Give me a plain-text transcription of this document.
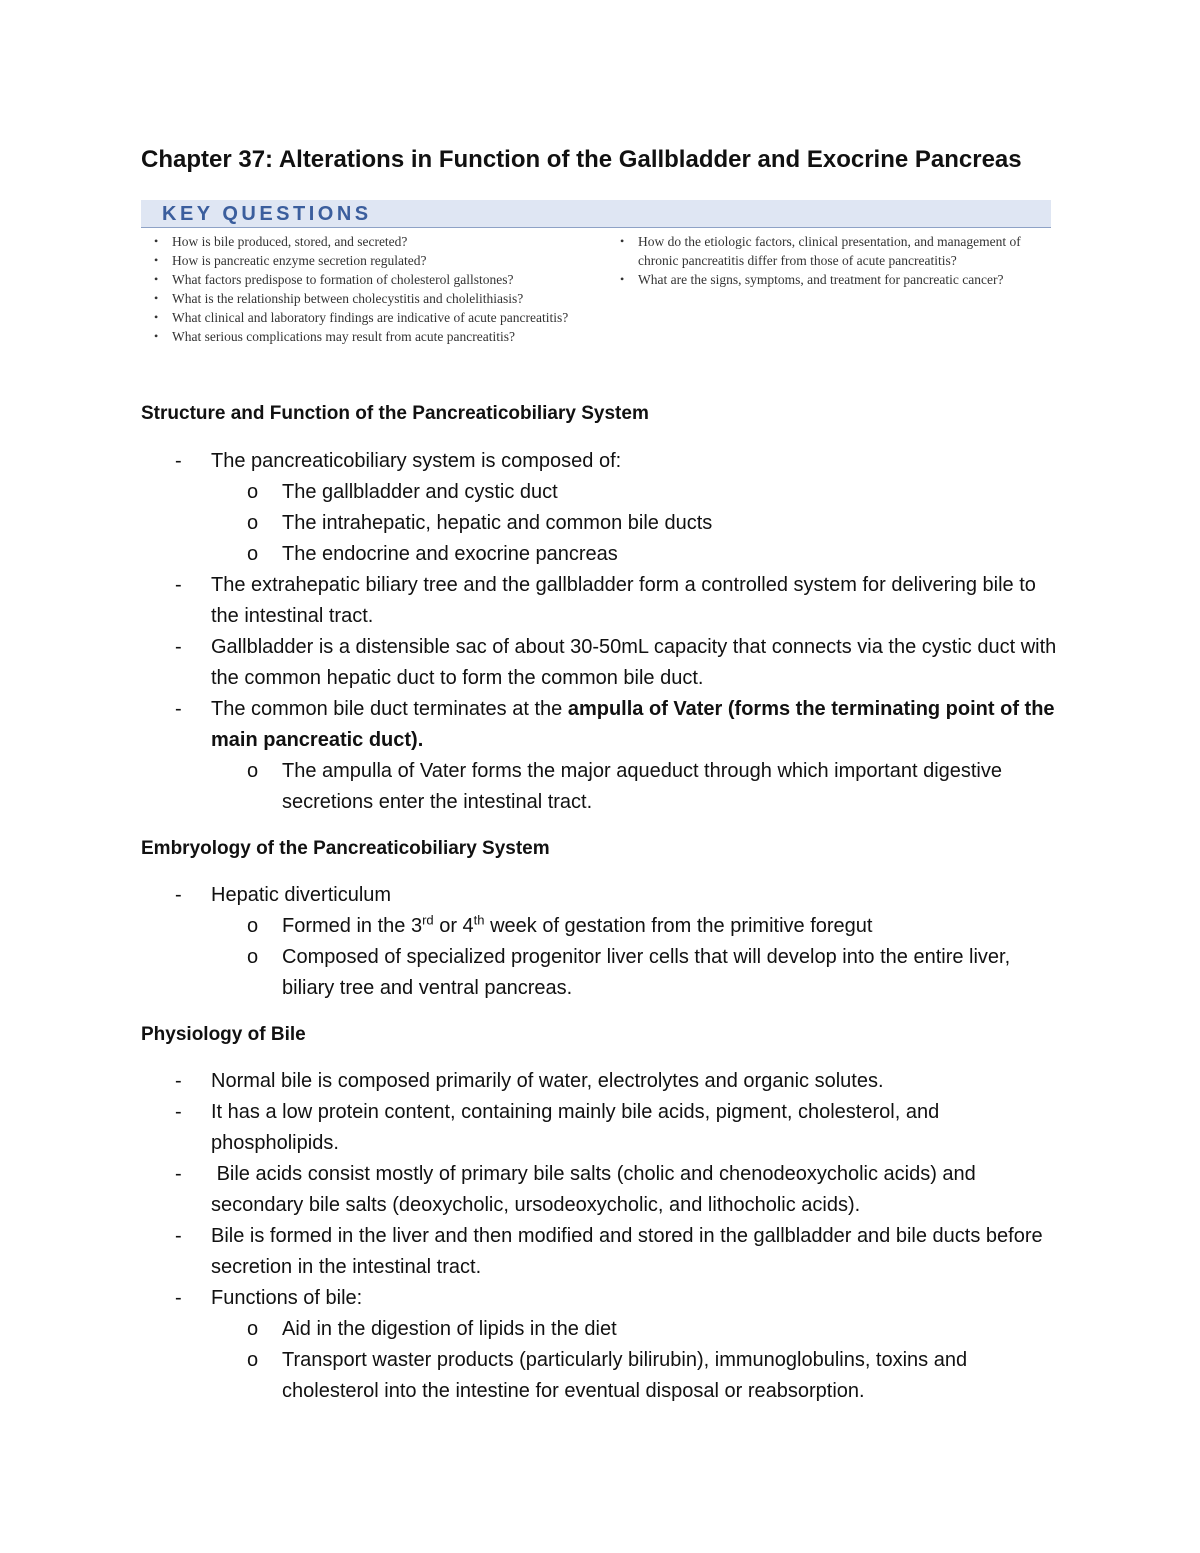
Chapter 37: Alterations in Function of the Gallbladder and Exocrine Pancreas
KEY QUESTIONS
• How is bile produced, stored, and secreted?
• How is pancreatic enzyme secretion regulated?
• What factors predispose to formation of cholesterol gallstones?
• What is the relationship between cholecystitis and cholelithiasis?
• What clinical and laboratory findings are indicative of acute pancreatitis?
• What serious complications may result from acute pancreatitis?
• How do the etiologic factors, clinical presentation, and management of chronic pancreatitis differ from those of acute pancreatitis?
• What are the signs, symptoms, and treatment for pancreatic cancer?
Structure and Function of the Pancreaticobiliary System
- The pancreaticobiliary system is composed of:
o The gallbladder and cystic duct
o The intrahepatic, hepatic and common bile ducts
o The endocrine and exocrine pancreas
- The extrahepatic biliary tree and the gallbladder form a controlled system for delivering bile to the intestinal tract.
- Gallbladder is a distensible sac of about 30-50mL capacity that connects via the cystic duct with the common hepatic duct to form the common bile duct.
- The common bile duct terminates at the ampulla of Vater (forms the terminating point of the main pancreatic duct).
o The ampulla of Vater forms the major aqueduct through which important digestive secretions enter the intestinal tract.
Embryology of the Pancreaticobiliary System
- Hepatic diverticulum
o Formed in the 3rd or 4th week of gestation from the primitive foregut
o Composed of specialized progenitor liver cells that will develop into the entire liver, biliary tree and ventral pancreas.
Physiology of Bile
- Normal bile is composed primarily of water, electrolytes and organic solutes.
- It has a low protein content, containing mainly bile acids, pigment, cholesterol, and phospholipids.
- Bile acids consist mostly of primary bile salts (cholic and chenodeoxycholic acids) and secondary bile salts (deoxycholic, ursodeoxycholic, and lithocholic acids).
- Bile is formed in the liver and then modified and stored in the gallbladder and bile ducts before secretion in the intestinal tract.
- Functions of bile:
o Aid in the digestion of lipids in the diet
o Transport waster products (particularly bilirubin), immunoglobulins, toxins and cholesterol into the intestine for eventual disposal or reabsorption.
